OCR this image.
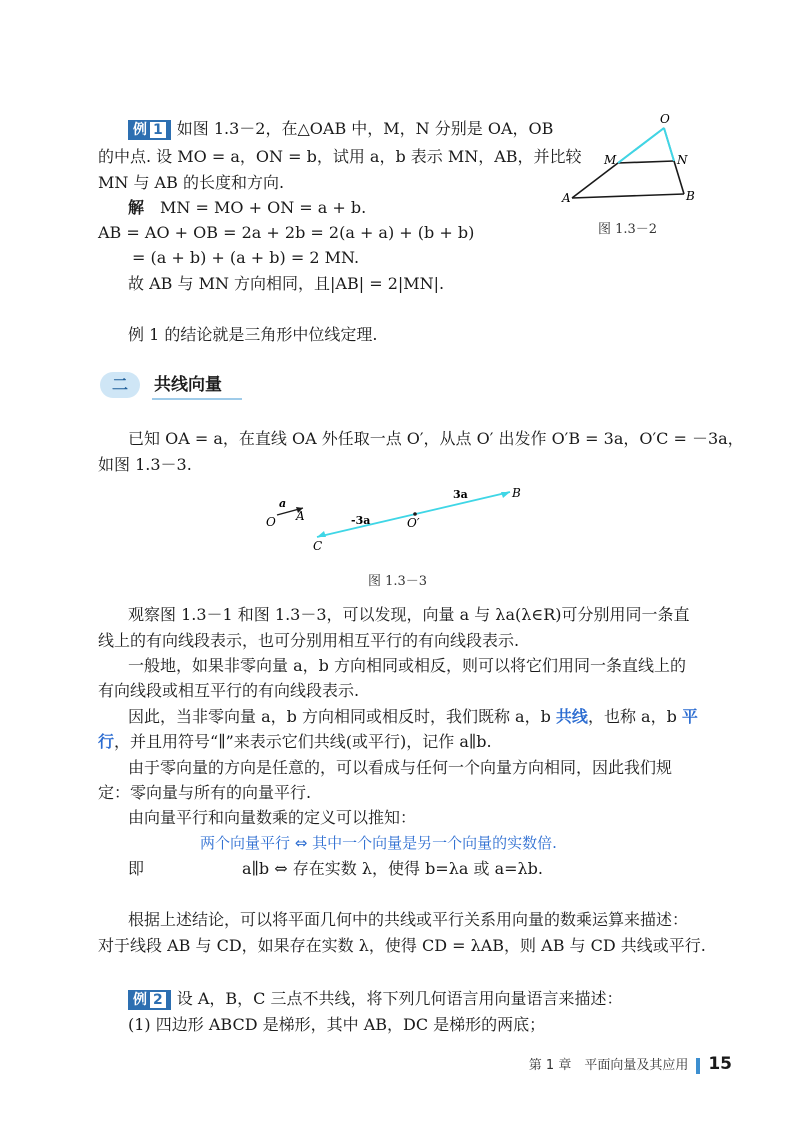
例 1 如图 1.3－2，在△OAB 中，M，N 分别是 OA，OB
的中点. 设 MO = a，ON = b，试用 a，b 表示 MN，AB，并比较
MN 与 AB 的长度和方向.
解　 MN = MO + ON = a + b.
AB = AO + OB = 2a + 2b = 2(a + a) + (b + b)
= (a + b) + (a + b) = 2 MN.
故 AB 与 MN 方向相同，且|AB| = 2|MN|.
O
M	N
A	B
图 1.3－2
例 1 的结论就是三角形中位线定理.
二	共线向量
已知 OA = a，在直线 OA 外任取一点 O′，从点 O′ 出发作 O′B = 3a，O′C = －3a，
如图 1.3－3.
a
O A
3a
-3a	O′
B
C
图 1.3－3
观察图 1.3－1 和图 1.3－3，可以发现，向量 a 与 λa(λ∈R)可分别用同一条直
线上的有向线段表示，也可分别用相互平行的有向线段表示.
一般地，如果非零向量 a，b 方向相同或相反，则可以将它们用同一条直线上的
有向线段或相互平行的有向线段表示.
因此，当非零向量 a，b 方向相同或相反时，我们既称 a，b 共线，也称 a，b 平
行，并且用符号“∥”来表示它们共线(或平行)，记作 a∥b.
由于零向量的方向是任意的，可以看成与任何一个向量方向相同，因此我们规
定：零向量与所有的向量平行.
由向量平行和向量数乘的定义可以推知：
两个向量平行 ⇔ 其中一个向量是另一个向量的实数倍.
即	a∥b ⇔ 存在实数 λ，使得 b=λa 或 a=λb.
根据上述结论，可以将平面几何中的共线或平行关系用向量的数乘运算来描述：
对于线段 AB 与 CD，如果存在实数 λ，使得 CD = λAB，则 AB 与 CD 共线或平行.
例 2 设 A，B，C 三点不共线，将下列几何语言用向量语言来描述：
(1) 四边形 ABCD 是梯形，其中 AB，DC 是梯形的两底；
第 1 章　平面向量及其应用 15
